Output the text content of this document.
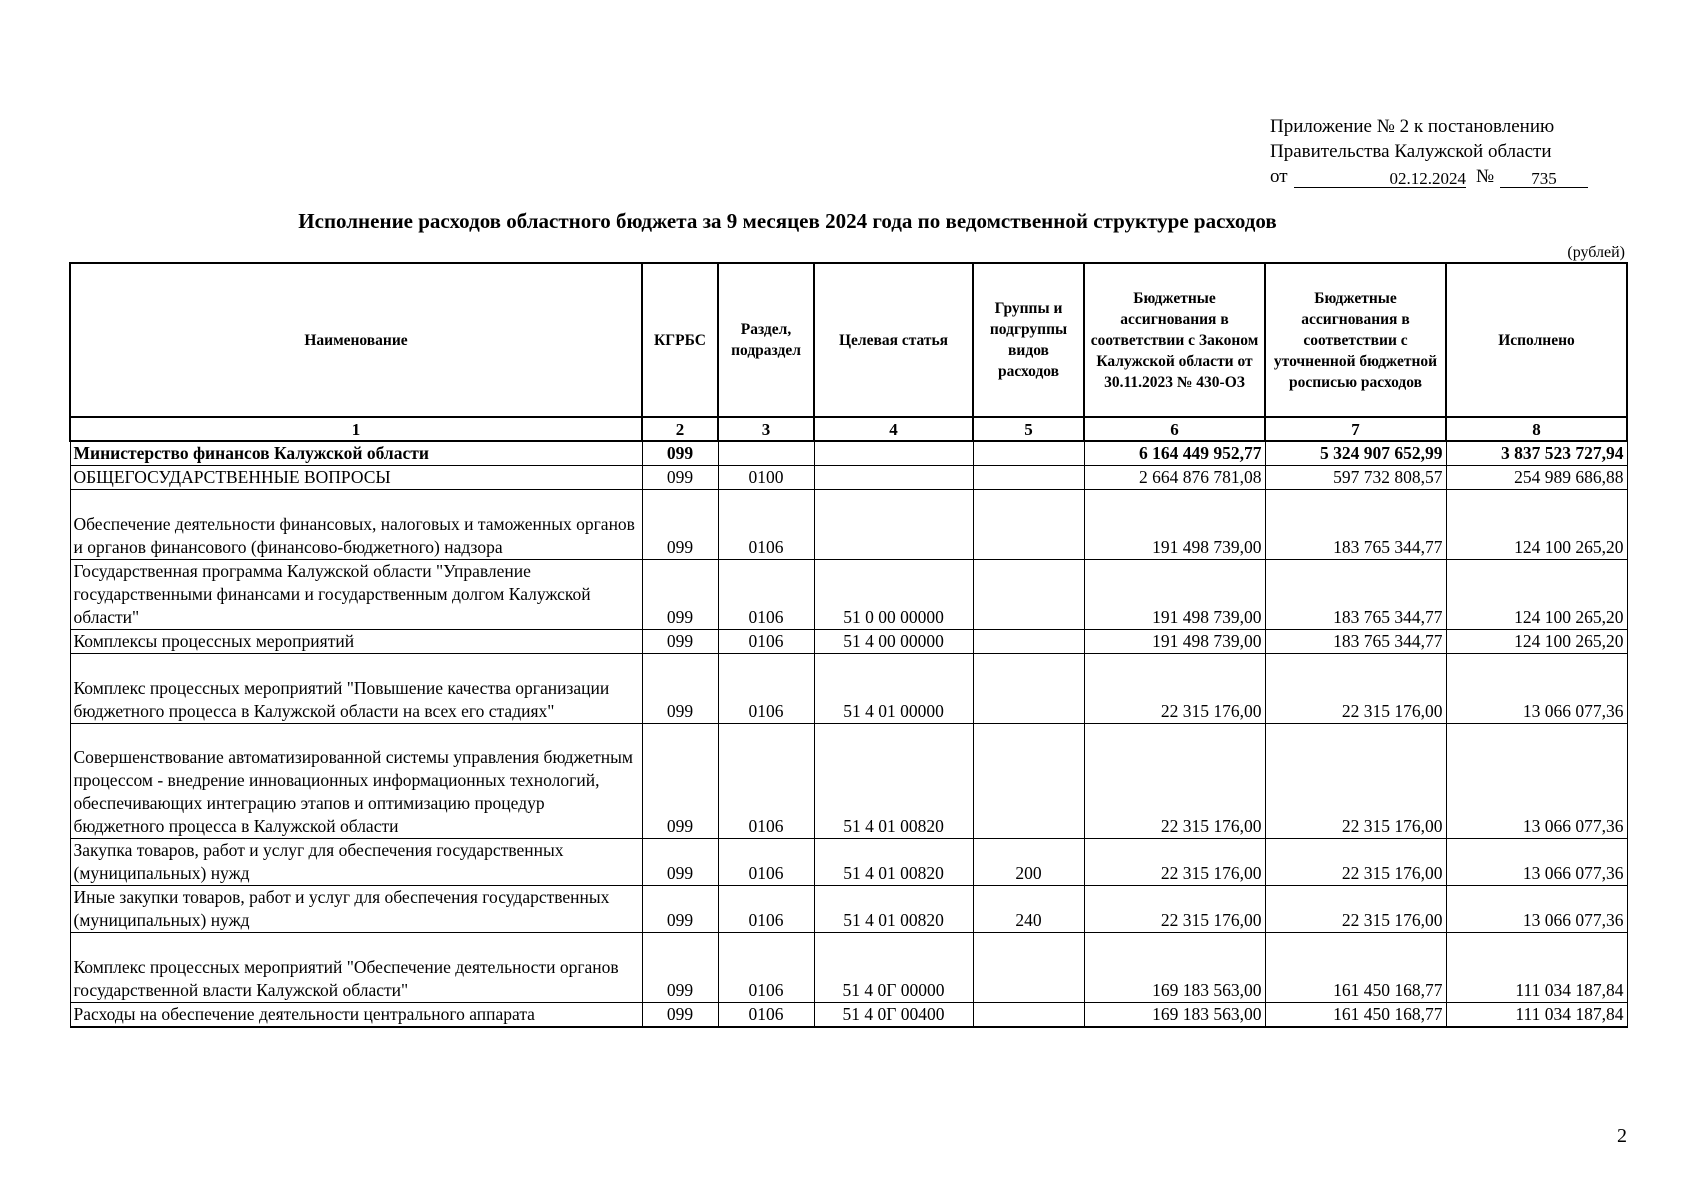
Приложение № 2 к постановлению
Правительства Калужской области
от	02.12.2024 №	735
Исполнение расходов областного бюджета за 9 месяцев 2024 года по ведомственной структуре расходов
(рублей)
Наименование	КГРБС	Раздел, подраздел	Целевая статья	Группы и подгруппы видов расходов	Бюджетные ассигнования в соответствии с Законом Калужской области от 30.11.2023 № 430-ОЗ	Бюджетные ассигнования в соответствии с уточненной бюджетной росписью расходов	Исполнено
1	2	3	4	5	6	7	8
Министерство финансов Калужской области	099				6 164 449 952,77	5 324 907 652,99	3 837 523 727,94
ОБЩЕГОСУДАРСТВЕННЫЕ ВОПРОСЫ	099	0100			2 664 876 781,08	597 732 808,57	254 989 686,88
Обеспечение деятельности финансовых, налоговых и таможенных органов и органов финансового (финансово-бюджетного) надзора	099	0106			191 498 739,00	183 765 344,77	124 100 265,20
Государственная программа Калужской области "Управление государственными финансами и государственным долгом Калужской области"	099	0106	51 0 00 00000		191 498 739,00	183 765 344,77	124 100 265,20
Комплексы процессных мероприятий	099	0106	51 4 00 00000		191 498 739,00	183 765 344,77	124 100 265,20
Комплекс процессных мероприятий "Повышение качества организации бюджетного процесса в Калужской области на всех его стадиях"	099	0106	51 4 01 00000		22 315 176,00	22 315 176,00	13 066 077,36
Совершенствование автоматизированной системы управления бюджетным процессом - внедрение инновационных информационных технологий, обеспечивающих интеграцию этапов и оптимизацию процедур бюджетного процесса в Калужской области	099	0106	51 4 01 00820		22 315 176,00	22 315 176,00	13 066 077,36
Закупка товаров, работ и услуг для обеспечения государственных (муниципальных) нужд	099	0106	51 4 01 00820	200	22 315 176,00	22 315 176,00	13 066 077,36
Иные закупки товаров, работ и услуг для обеспечения государственных (муниципальных) нужд	099	0106	51 4 01 00820	240	22 315 176,00	22 315 176,00	13 066 077,36
Комплекс процессных мероприятий "Обеспечение деятельности органов государственной власти Калужской области"	099	0106	51 4 0Г 00000		169 183 563,00	161 450 168,77	111 034 187,84
Расходы на обеспечение деятельности центрального аппарата	099	0106	51 4 0Г 00400		169 183 563,00	161 450 168,77	111 034 187,84
2
